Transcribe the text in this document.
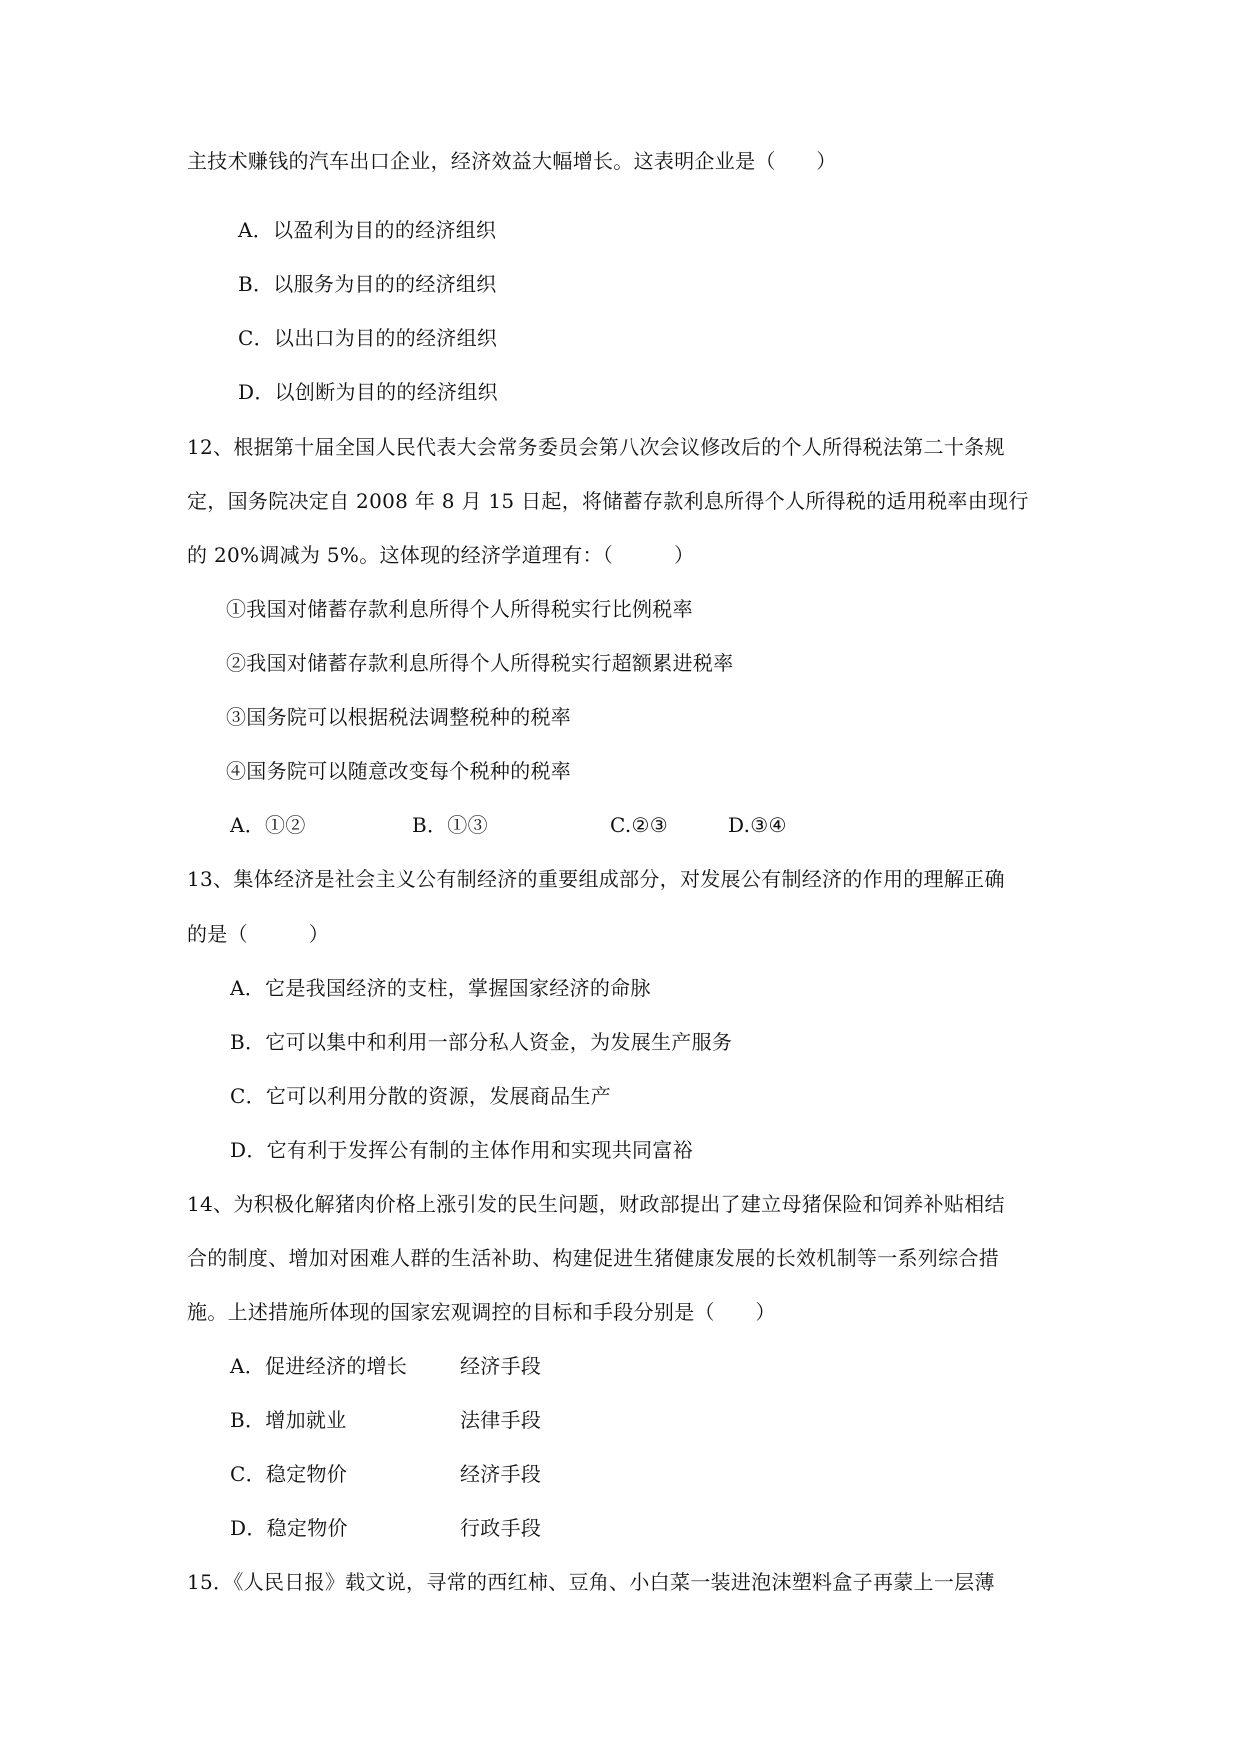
主技术赚钱的汽车出口企业，经济效益大幅增长。这表明企业是（　　）
A．以盈利为目的的经济组织
B．以服务为目的的经济组织
C．以出口为目的的经济组织
D．以创断为目的的经济组织
12、根据第十届全国人民代表大会常务委员会第八次会议修改后的个人所得税法第二十条规
定，国务院决定自 2008 年 8 月 15 日起，将储蓄存款利息所得个人所得税的适用税率由现行
的 20%调减为 5%。这体现的经济学道理有：（　　　）
①我国对储蓄存款利息所得个人所得税实行比例税率
②我国对储蓄存款利息所得个人所得税实行超额累进税率
③国务院可以根据税法调整税种的税率
④国务院可以随意改变每个税种的税率
A．①②	B．①③	C.②③	D.③④
13、集体经济是社会主义公有制经济的重要组成部分，对发展公有制经济的作用的理解正确
的是（　　　）
A．它是我国经济的支柱，掌握国家经济的命脉
B．它可以集中和利用一部分私人资金，为发展生产服务
C．它可以利用分散的资源，发展商品生产
D．它有利于发挥公有制的主体作用和实现共同富裕
14、为积极化解猪肉价格上涨引发的民生问题，财政部提出了建立母猪保险和饲养补贴相结
合的制度、增加对困难人群的生活补助、构建促进生猪健康发展的长效机制等一系列综合措
施。上述措施所体现的国家宏观调控的目标和手段分别是（　　）
A．促进经济的增长	经济手段
B．增加就业	法律手段
C．稳定物价	经济手段
D．稳定物价	行政手段
15．《人民日报》载文说，寻常的西红柿、豆角、小白菜一装进泡沫塑料盒子再蒙上一层薄
